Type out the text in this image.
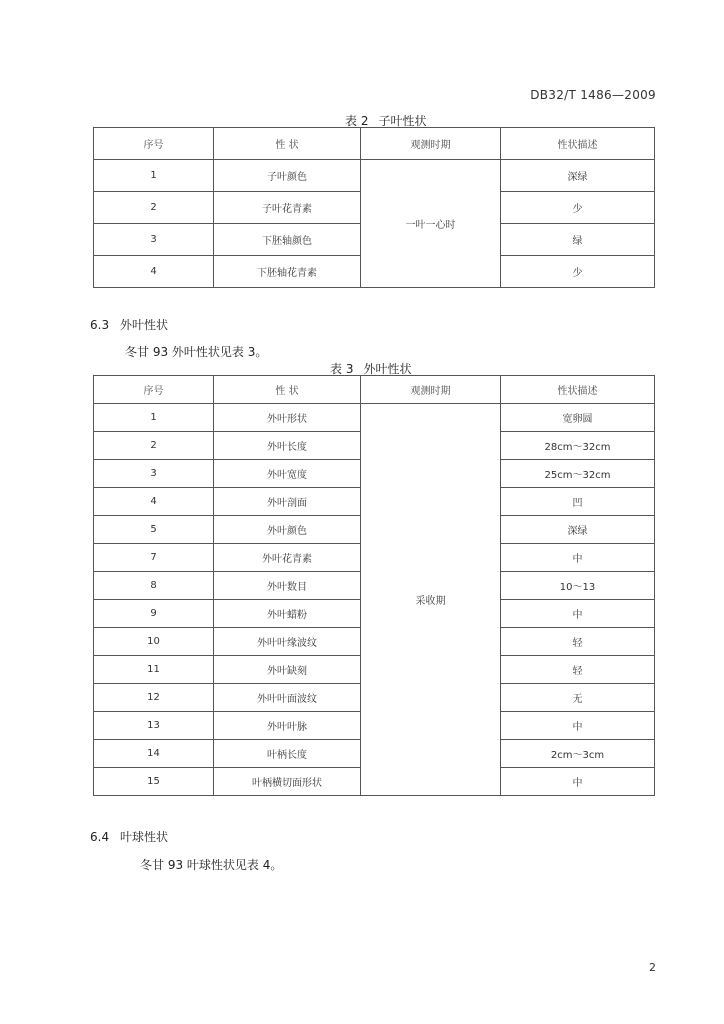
DB32/T 1486—2009
表 2 子叶性状
序号	性 状	观测时期	性状描述
1	子叶颜色	一叶一心时	深绿
2	子叶花青素		少
3	下胚轴颜色		绿
4	下胚轴花青素		少
6.3 外叶性状
冬甘 93 外叶性状见表 3。
表 3 外叶性状
序号	性 状	观测时期	性状描述
1	外叶形状	采收期	宽卵圆
2	外叶长度		28cm～32cm
3	外叶宽度		25cm～32cm
4	外叶剖面		凹
5	外叶颜色		深绿
7	外叶花青素		中
8	外叶数目		10～13
9	外叶蜡粉		中
10	外叶叶缘波纹		轻
11	外叶缺刻		轻
12	外叶叶面波纹		无
13	外叶叶脉		中
14	叶柄长度		2cm～3cm
15	叶柄横切面形状		中
6.4 叶球性状
冬甘 93 叶球性状见表 4。
2
